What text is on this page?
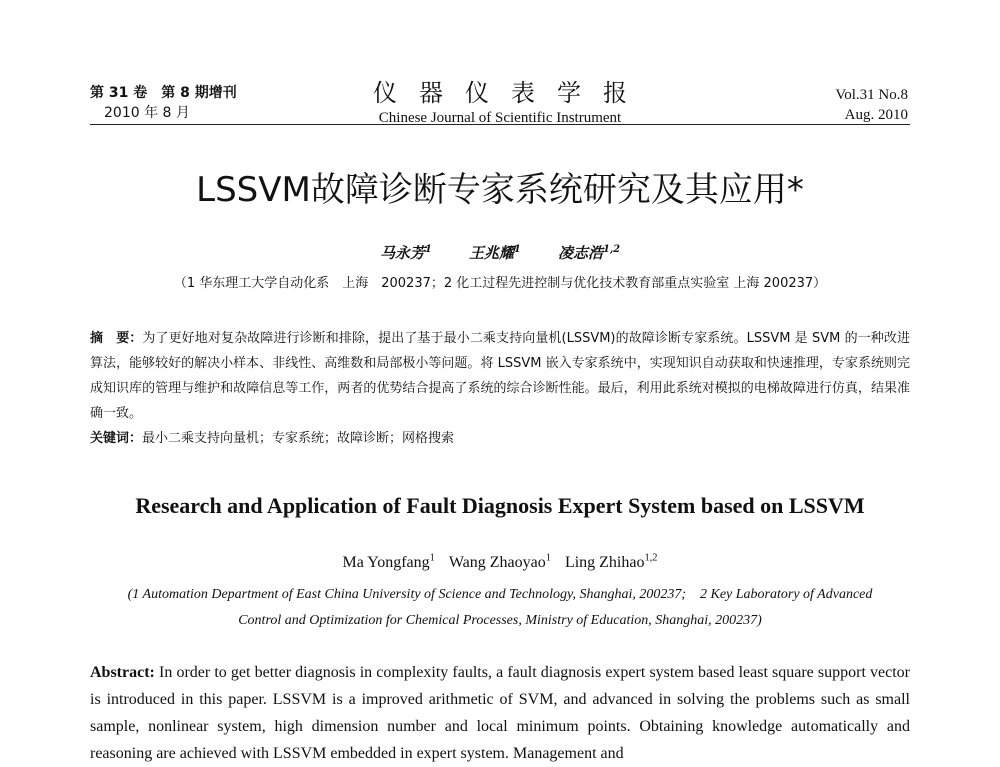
第 31 卷　第 8 期增刊
2010 年 8 月
仪器仪表学报
Chinese Journal of Scientific Instrument
Vol.31 No.8
Aug. 2010
LSSVM故障诊断专家系统研究及其应用*
马永芳$^1$ 王兆耀$^1$ 凌志浩$^{1,2}$
（1 华东理工大学自动化系　上海　200237；2 化工过程先进控制与优化技术教育部重点实验室 上海 200237）
摘　要：为了更好地对复杂故障进行诊断和排除，提出了基于最小二乘支持向量机(LSSVM)的故障诊断专家系统。LSSVM 是 SVM 的一种改进算法，能够较好的解决小样本、非线性、高维数和局部极小等问题。将 LSSVM 嵌入专家系统中，实现知识自动获取和快速推理，专家系统则完成知识库的管理与维护和故障信息等工作，两者的优势结合提高了系统的综合诊断性能。最后，利用此系统对模拟的电梯故障进行仿真，结果准确一致。
关键词：最小二乘支持向量机；专家系统；故障诊断；网格搜索
Research and Application of Fault Diagnosis Expert System based on LSSVM
Ma Yongfang$^1$ Wang Zhaoyao$^1$ Ling Zhihao$^{1,2}$
(1 Automation Department of East China University of Science and Technology, Shanghai, 200237;　2 Key Laboratory of Advanced
Control and Optimization for Chemical Processes, Ministry of Education, Shanghai, 200237)
Abstract: In order to get better diagnosis in complexity faults, a fault diagnosis expert system based least square support vector is introduced in this paper. LSSVM is a improved arithmetic of SVM, and advanced in solving the problems such as small sample, nonlinear system, high dimension number and local minimum points. Obtaining knowledge automatically and reasoning are achieved with LSSVM embedded in expert system. Management and
